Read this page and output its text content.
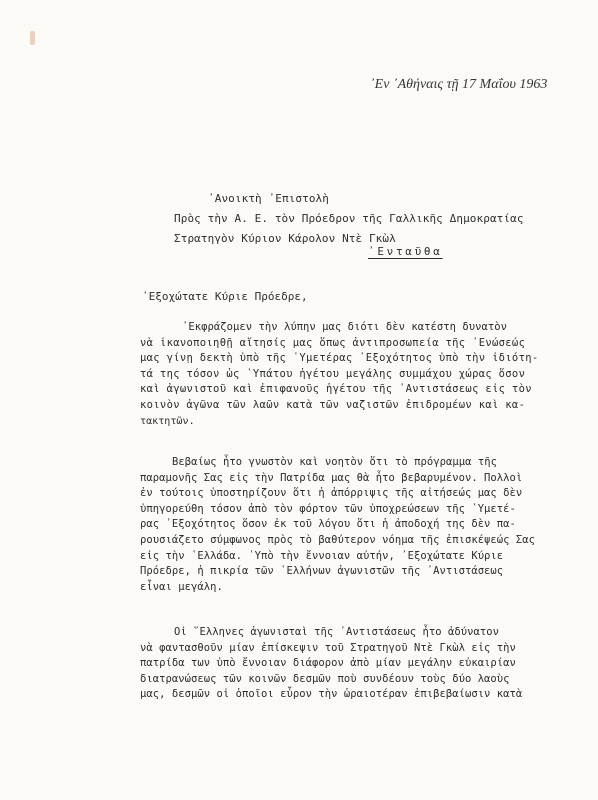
᾿Εν ᾿Αθήναις τῇ 17 Μαΐου 1963
᾿Ανοικτὴ ᾿Επιστολὴ
Πρὸς τὴν Α. Ε. τὸν Πρόεδρον τῆς Γαλλικῆς Δημοκρατίας
Στρατηγὸν Κύριον Κάρολον Ντὲ Γκὼλ
᾿Ενταῦθα
᾿Εξοχώτατε Κύριε Πρόεδρε,
᾿Εκφράζομεν τὴν λύπην μας διότι δὲν κατέστη δυνατὸν
νὰ ἱκανοποιηθῇ αἴτησίς μας ὅπως ἀντιπροσωπεία τῆς ᾿Ενώσεώς
μας γίνῃ δεκτὴ ὑπὸ τῆς ῾Υμετέρας ᾿Εξοχότητος ὑπὸ τὴν ἰδιότη-
τά της τόσον ὡς ῾Υπάτου ἡγέτου μεγάλης συμμάχου χώρας ὅσον
καὶ ἀγωνιστοῦ καὶ ἐπιφανοῦς ἡγέτου τῆς ᾿Αντιστάσεως εἰς τὸν
κοινὸν ἀγῶνα τῶν λαῶν κατὰ τῶν ναζιστῶν ἐπιδρομέων καὶ κα-
τακτητῶν.
Βεβαίως ἦτο γνωστὸν καὶ νοητὸν ὅτι τὸ πρόγραμμα τῆς
παραμονῆς Σας εἰς τὴν Πατρίδα μας θὰ ἦτο βεβαρυμένον. Πολλοὶ
ἐν τούτοις ὑποστηρίζουν ὅτι ἡ ἀπόρριψις τῆς αἰτήσεώς μας δὲν
ὑπηγορεύθη τόσον ἀπὸ τὸν φόρτον τῶν ὑποχρεώσεων τῆς ῾Υμετέ-
ρας ᾿Εξοχότητος ὅσον ἐκ τοῦ λόγου ὅτι ἡ ἀποδοχή της δὲν πα-
ρουσιάζετο σύμφωνος πρὸς τὸ βαθύτερον νόημα τῆς ἐπισκέψεώς Σας
εἰς τὴν ῾Ελλάδα. ῾Υπὸ τὴν ἔννοιαν αὐτήν, ᾿Εξοχώτατε Κύριε
Πρόεδρε, ἡ πικρία τῶν ῾Ελλήνων ἀγωνιστῶν τῆς ᾿Αντιστάσεως
εἶναι μεγάλη.
Οἱ ῞Ελληνες ἀγωνισταὶ τῆς ᾿Αντιστάσεως ἦτο ἀδύνατον
νὰ φαντασθοῦν μίαν ἐπίσκεψιν τοῦ Στρατηγοῦ Ντὲ Γκὼλ εἰς τὴν
πατρίδα των ὑπὸ ἔννοιαν διάφορον ἀπὸ μίαν μεγάλην εὐκαιρίαν
διατρανώσεως τῶν κοινῶν δεσμῶν ποὺ συνδέουν τοὺς δύο λαοὺς
μας, δεσμῶν οἱ ὁποῖοι εὗρον τὴν ὡραιοτέραν ἐπιβεβαίωσιν κατὰ
